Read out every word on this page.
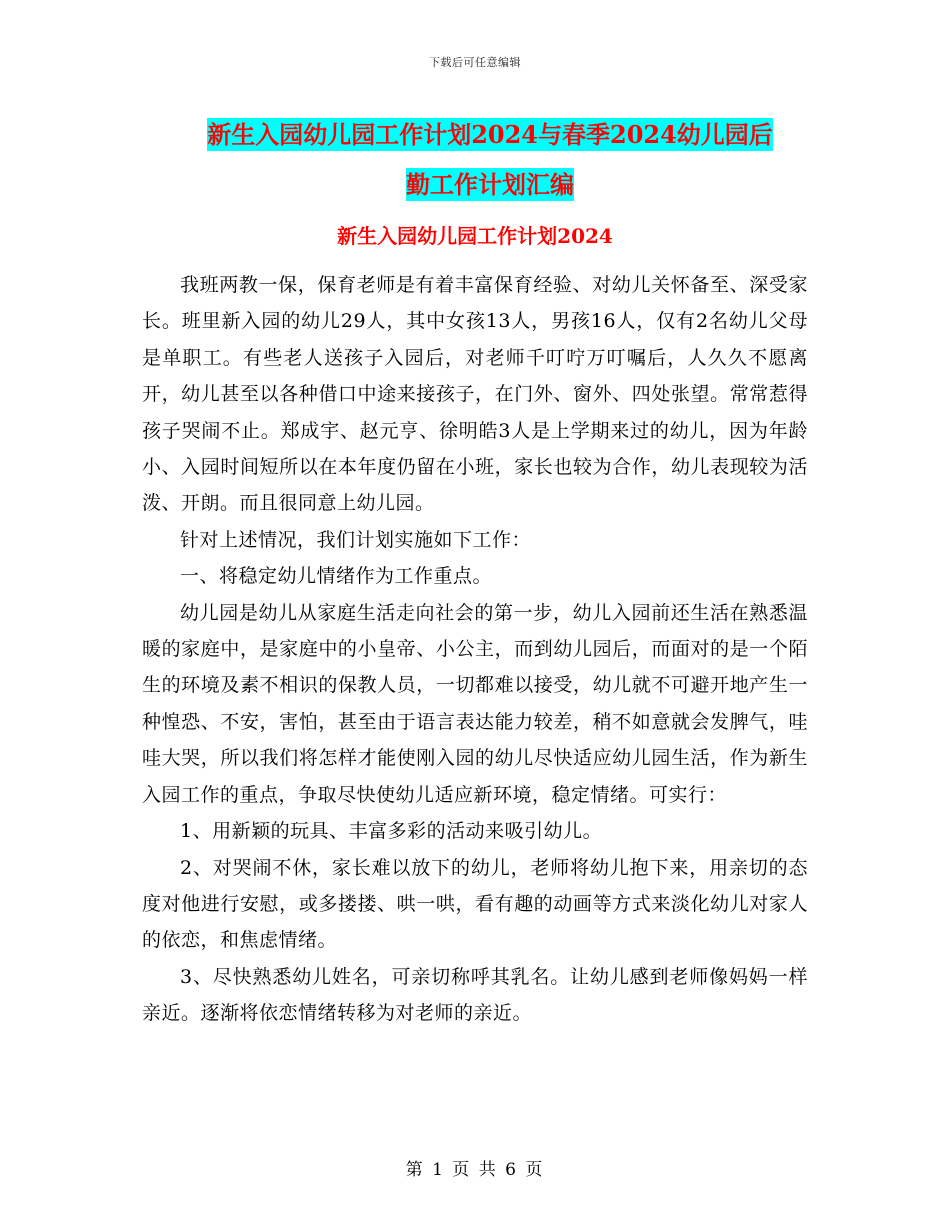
下载后可任意编辑
新生入园幼儿园工作计划2024与春季2024幼儿园后
勤工作计划汇编
新生入园幼儿园工作计划2024

我班两教一保，保育老师是有着丰富保育经验、对幼儿关怀备至、深受家长。班里新入园的幼儿29人，其中女孩13人，男孩16人，仅有2名幼儿父母是单职工。有些老人送孩子入园后，对老师千叮咛万叮嘱后，人久久不愿离开，幼儿甚至以各种借口中途来接孩子，在门外、窗外、四处张望。常常惹得孩子哭闹不止。郑成宇、赵元亨、徐明皓3人是上学期来过的幼儿，因为年龄小、入园时间短所以在本年度仍留在小班，家长也较为合作，幼儿表现较为活泼、开朗。而且很同意上幼儿园。

针对上述情况，我们计划实施如下工作：

一、将稳定幼儿情绪作为工作重点。

幼儿园是幼儿从家庭生活走向社会的第一步，幼儿入园前还生活在熟悉温暖的家庭中，是家庭中的小皇帝、小公主，而到幼儿园后，而面对的是一个陌生的环境及素不相识的保教人员，一切都难以接受，幼儿就不可避开地产生一种惶恐、不安，害怕，甚至由于语言表达能力较差，稍不如意就会发脾气，哇哇大哭，所以我们将怎样才能使刚入园的幼儿尽快适应幼儿园生活，作为新生入园工作的重点，争取尽快使幼儿适应新环境，稳定情绪。可实行：

1、用新颖的玩具、丰富多彩的活动来吸引幼儿。

2、对哭闹不休，家长难以放下的幼儿，老师将幼儿抱下来，用亲切的态度对他进行安慰，或多搂搂、哄一哄，看有趣的动画等方式来淡化幼儿对家人的依恋，和焦虑情绪。

3、尽快熟悉幼儿姓名，可亲切称呼其乳名。让幼儿感到老师像妈妈一样亲近。逐渐将依恋情绪转移为对老师的亲近。

第 1 页 共 6 页
